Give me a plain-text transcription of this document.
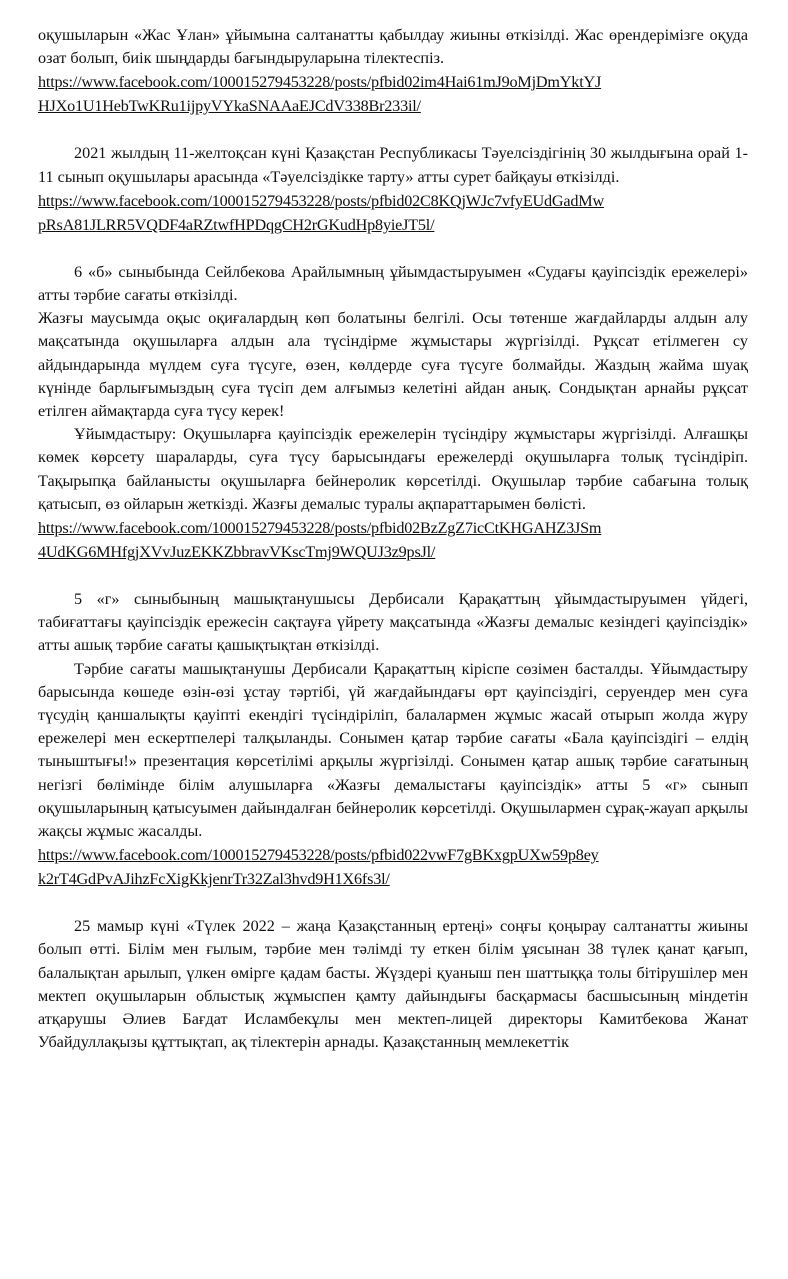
оқушыларын «Жас Ұлан» ұйымына салтанатты қабылдау жиыны өткізілді. Жас өрендерімізге оқуда озат болып, биік шыңдарды бағындыруларына тілектеспіз.

https://www.facebook.com/100015279453228/posts/pfbid02im4Hai61mJ9oMjDmYktYJ
HJXo1U1HebTwKRu1ijpyVYkaSNAAaEJCdV338Br233il/

2021 жылдың 11-желтоқсан күні Қазақстан Республикасы Тәуелсіздігінің 30 жылдығына орай 1-11 сынып оқушылары арасында «Тәуелсіздікке тарту» атты сурет байқауы өткізілді.

https://www.facebook.com/100015279453228/posts/pfbid02C8KQjWJc7vfyEUdGadMw
pRsA81JLRR5VQDF4aRZtwfHPDqgCH2rGKudHp8yieJT5l/

6 «б» сыныбында Сейлбекова Арайлымның ұйымдастыруымен «Судағы қауіпсіздік ережелері» атты тәрбие сағаты өткізілді.

Жазғы маусымда оқыс оқиғалардың көп болатыны белгілі. Осы төтенше жағдайларды алдын алу мақсатында оқушыларға алдын ала түсіндірме жұмыстары жүргізілді. Рұқсат етілмеген су айдындарында мүлдем суға түсуге, өзен, көлдерде суға түсуге болмайды. Жаздың жайма шуақ күнінде барлығымыздың суға түсіп дем алғымыз келетіні айдан анық. Сондықтан арнайы рұқсат етілген аймақтарда суға түсу керек!

Ұйымдастыру: Оқушыларға қауіпсіздік ережелерін түсіндіру жұмыстары жүргізілді. Алғашқы көмек көрсету шараларды, суға түсу барысындағы ережелерді оқушыларға толық түсіндіріп. Тақырыпқа байланысты оқушыларға бейнеролик көрсетілді. Оқушылар тәрбие сабағына толық қатысып, өз ойларын жеткізді. Жазғы демалыс туралы ақпараттарымен бөлісті.

https://www.facebook.com/100015279453228/posts/pfbid02BzZgZ7icCtKHGAHZ3JSm
4UdKG6MHfgjXVvJuzEKKZbbravVKscTmj9WQUJ3z9psJl/

5 «г» сыныбының машықтанушысы Дербисали Қарақаттың ұйымдастыруымен үйдегі, табиғаттағы қауіпсіздік ережесін сақтауға үйрету мақсатында «Жазғы демалыс кезіндегі қауіпсіздік» атты ашық тәрбие сағаты қашықтықтан өткізілді.

Тәрбие сағаты машықтанушы Дербисали Қарақаттың кіріспе сөзімен басталды. Ұйымдастыру барысында көшеде өзін-өзі ұстау тәртібі, үй жағдайындағы өрт қауіпсіздігі, серуендер мен суға түсудің қаншалықты қауіпті екендігі түсіндіріліп, балалармен жұмыс жасай отырып жолда жүру ережелері мен ескертпелері талқыланды. Сонымен қатар тәрбие сағаты «Бала қауіпсіздігі – елдің тыныштығы!» презентация көрсетілімі арқылы жүргізілді. Сонымен қатар ашық тәрбие сағатының негізгі бөлімінде білім алушыларға «Жазғы демалыстағы қауіпсіздік» атты 5 «г» сынып оқушыларының қатысуымен дайындалған бейнеролик көрсетілді. Оқушылармен сұрақ-жауап арқылы жақсы жұмыс жасалды.

https://www.facebook.com/100015279453228/posts/pfbid022vwF7gBKxgpUXw59p8ey
k2rT4GdPvAJihzFcXigKkjenrTr32Zal3hvd9H1X6fs3l/

25 мамыр күні «Түлек 2022 – жаңа Қазақстанның ертеңі» соңғы қоңырау салтанатты жиыны болып өтті. Білім мен ғылым, тәрбие мен тәлімді ту еткен білім ұясынан 38 түлек қанат қағып, балалықтан арылып, үлкен өмірге қадам басты. Жүздері қуаныш пен шаттыққа толы бітірушілер мен мектеп оқушыларын облыстық жұмыспен қамту дайындығы басқармасы басшысының міндетін атқарушы Әлиев Бағдат Исламбекұлы мен мектеп-лицей директоры Камитбекова Жанат Убайдуллақызы құттықтап, ақ тілектерін арнады. Қазақстанның мемлекеттік
